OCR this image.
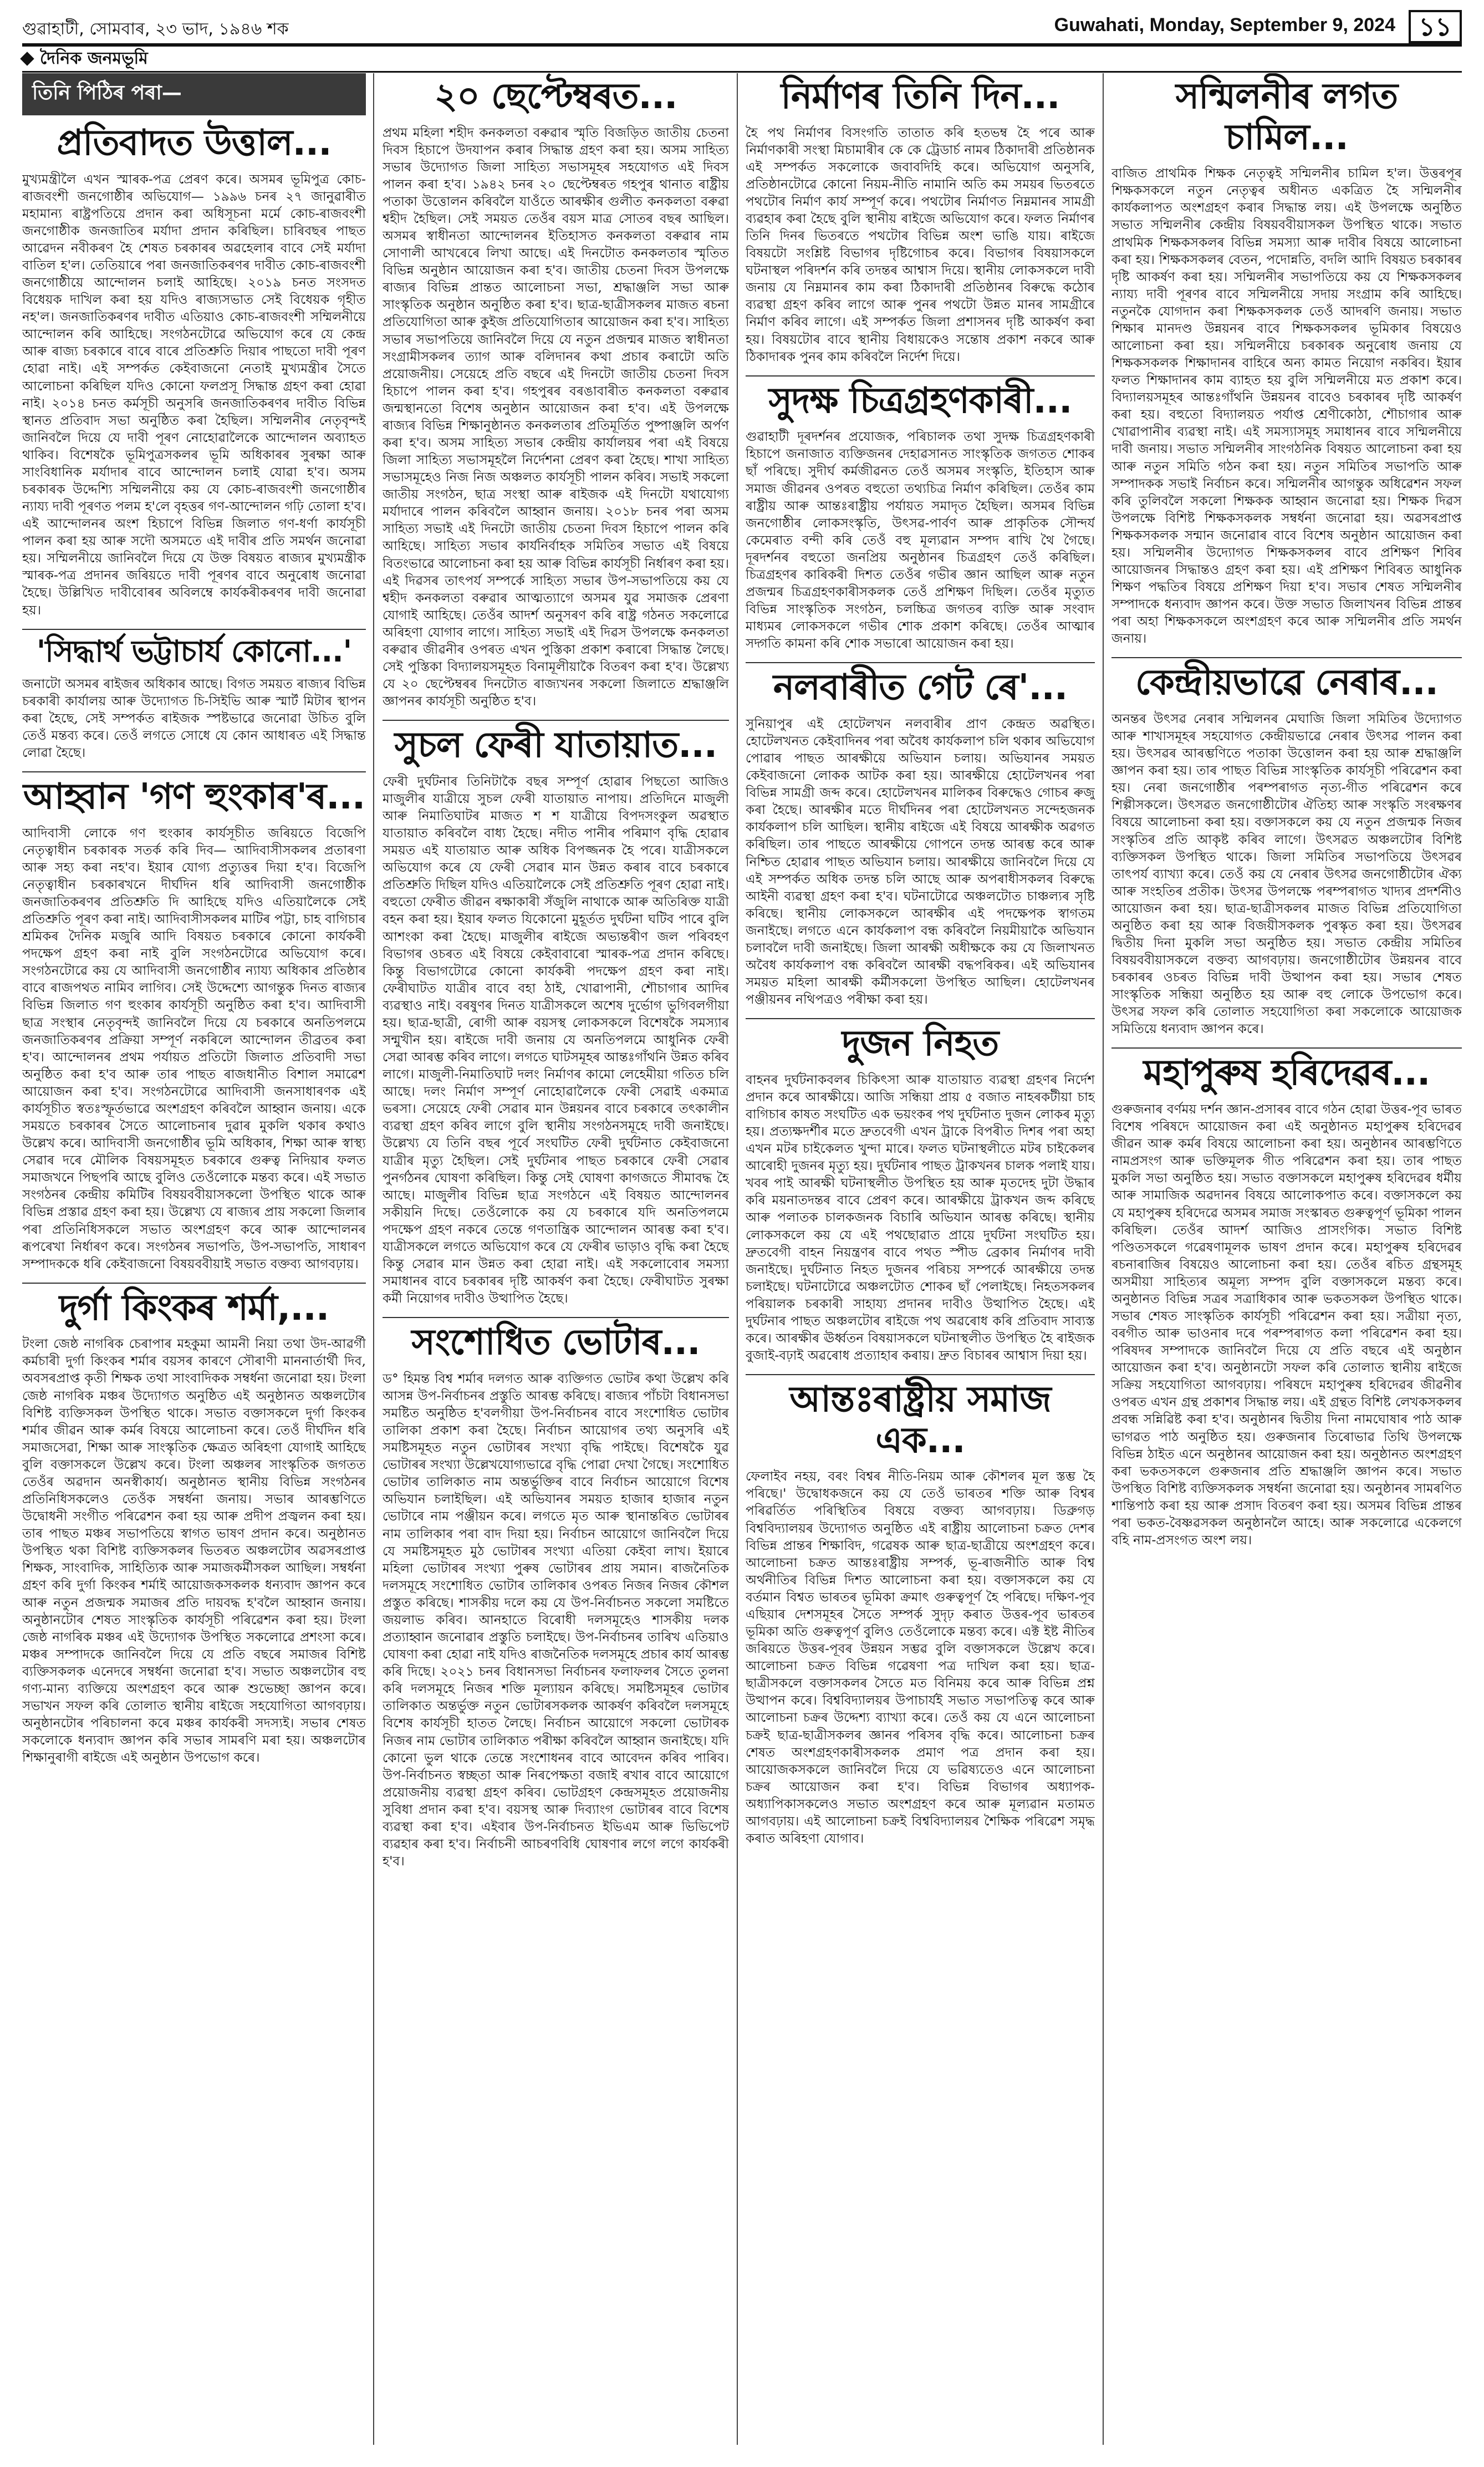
গুৱাহাটী, সোমবাৰ, ২৩ ভাদ, ১৯৪৬ শক	Guwahati, Monday, September 9, 2024 ১১
দৈনিক জনমভূমি
তিনি পিঠিৰ পৰা—
প্ৰতিবাদত উত্তাল...
মুখ্যমন্ত্ৰীলৈ এখন স্মাৰক-পত্ৰ প্ৰেৰণ কৰে। অসমৰ ভূমিপুত্ৰ কোচ-ৰাজবংশী জনগোষ্ঠীৰ অভিযোগ— ১৯৯৬ চনৰ ২৭ জানুৱাৰীত মহামান্য ৰাষ্ট্ৰপতিয়ে প্ৰদান কৰা অধিসূচনা মৰ্মে কোচ-ৰাজবংশী জনগোষ্ঠীক জনজাতিৰ মৰ্যাদা প্ৰদান কৰিছিল। চাৰিবছৰ পাছত আৱেদন নবীকৰণ হৈ শেষত চৰকাৰৰ অৱহেলাৰ বাবে সেই মৰ্যাদা বাতিল হ'ল। তেতিয়াৰে পৰা জনজাতিকৰণৰ দাবীত কোচ-ৰাজবংশী জনগোষ্ঠীয়ে আন্দোলন চলাই আহিছে। ২০১৯ চনত সংসদত বিধেয়ক দাখিল কৰা হয় যদিও ৰাজ্যসভাত সেই বিধেয়ক গৃহীত নহ'ল। জনজাতিকৰণৰ দাবীত এতিয়াও কোচ-ৰাজবংশী সম্মিলনীয়ে আন্দোলন কৰি আহিছে। সংগঠনটোৱে অভিযোগ কৰে যে কেন্দ্ৰ আৰু ৰাজ্য চৰকাৰে বাৰে বাৰে প্ৰতিশ্ৰুতি দিয়াৰ পাছতো দাবী পূৰণ হোৱা নাই। এই সম্পৰ্কত কেইবাজনো নেতাই মুখ্যমন্ত্ৰীৰ সৈতে আলোচনা কৰিছিল যদিও কোনো ফলপ্ৰসূ সিদ্ধান্ত গ্ৰহণ কৰা হোৱা নাই। ২০১৪ চনত কৰ্মসূচী অনুসৰি জনজাতিকৰণৰ দাবীত বিভিন্ন স্থানত প্ৰতিবাদ সভা অনুষ্ঠিত কৰা হৈছিল। সম্মিলনীৰ নেতৃবৃন্দই জানিবলৈ দিয়ে যে দাবী পূৰণ নোহোৱালৈকে আন্দোলন অব্যাহত থাকিব। বিশেষকৈ ভূমিপুত্ৰসকলৰ ভূমি অধিকাৰৰ সুৰক্ষা আৰু সাংবিধানিক মৰ্যাদাৰ বাবে আন্দোলন চলাই যোৱা হ'ব। অসম চৰকাৰক উদ্দেশ্যি সম্মিলনীয়ে কয় যে কোচ-ৰাজবংশী জনগোষ্ঠীৰ ন্যায্য দাবী পূৰণত পলম হ'লে বৃহত্তৰ গণ-আন্দোলন গঢ়ি তোলা হ'ব। এই আন্দোলনৰ অংশ হিচাপে বিভিন্ন জিলাত গণ-ধৰ্ণা কাৰ্যসূচী পালন কৰা হয় আৰু সদৌ অসমতে এই দাবীৰ প্ৰতি সমৰ্থন জনোৱা হয়। সম্মিলনীয়ে জানিবলৈ দিয়ে যে উক্ত বিষয়ত ৰাজ্যৰ মুখ্যমন্ত্ৰীক স্মাৰক-পত্ৰ প্ৰদানৰ জৰিয়তে দাবী পূৰণৰ বাবে অনুৰোধ জনোৱা হৈছে। উল্লিখিত দাবীবোৰৰ অবিলম্বে কাৰ্যকৰীকৰণৰ দাবী জনোৱা হয়।
'সিদ্ধাৰ্থ ভট্টাচাৰ্য কোনো...'
জনাটো অসমৰ ৰাইজৰ অধিকাৰ আছে। বিগত সময়ত ৰাজ্যৰ বিভিন্ন চৰকাৰী কাৰ্যালয় আৰু উদ্যোগত চি-সিইভি আৰু স্মাৰ্ট মিটাৰ স্থাপন কৰা হৈছে, সেই সম্পৰ্কত ৰাইজক স্পষ্টভাৱে জনোৱা উচিত বুলি তেওঁ মন্তব্য কৰে। তেওঁ লগতে সোধে যে কোন আধাৰত এই সিদ্ধান্ত লোৱা হৈছে।
আহ্বান 'গণ হুংকাৰ'ৰ...
আদিবাসী লোকে গণ হুংকাৰ কাৰ্যসূচীত জৰিয়তে বিজেপি নেতৃত্বাধীন চৰকাৰক সতৰ্ক কৰি দিব— আদিবাসীসকলৰ প্ৰতাৰণা আৰু সহ্য কৰা নহ'ব। ইয়াৰ যোগ্য প্ৰত্যুত্তৰ দিয়া হ'ব। বিজেপি নেতৃত্বাধীন চৰকাৰখনে দীৰ্ঘদিন ধৰি আদিবাসী জনগোষ্ঠীক জনজাতিকৰণৰ প্ৰতিশ্ৰুতি দি আহিছে যদিও এতিয়ালৈকে সেই প্ৰতিশ্ৰুতি পূৰণ কৰা নাই। আদিবাসীসকলৰ মাটিৰ পট্টা, চাহ বাগিচাৰ শ্ৰমিকৰ দৈনিক মজুৰি আদি বিষয়ত চৰকাৰে কোনো কাৰ্যকৰী পদক্ষেপ গ্ৰহণ কৰা নাই বুলি সংগঠনটোৱে অভিযোগ কৰে। সংগঠনটোৱে কয় যে আদিবাসী জনগোষ্ঠীৰ ন্যায্য অধিকাৰ প্ৰতিষ্ঠাৰ বাবে ৰাজপথত নামিব লাগিব। সেই উদ্দেশ্যে আগন্তুক দিনত ৰাজ্যৰ বিভিন্ন জিলাত গণ হুংকাৰ কাৰ্যসূচী অনুষ্ঠিত কৰা হ'ব। আদিবাসী ছাত্ৰ সংস্থাৰ নেতৃবৃন্দই জানিবলৈ দিয়ে যে চৰকাৰে অনতিপলমে জনজাতিকৰণৰ প্ৰক্ৰিয়া সম্পূৰ্ণ নকৰিলে আন্দোলন তীব্ৰতৰ কৰা হ'ব। আন্দোলনৰ প্ৰথম পৰ্যায়ত প্ৰতিটো জিলাত প্ৰতিবাদী সভা অনুষ্ঠিত কৰা হ'ব আৰু তাৰ পাছত ৰাজধানীত বিশাল সমাৱেশ আয়োজন কৰা হ'ব। সংগঠনটোৱে আদিবাসী জনসাধাৰণক এই কাৰ্যসূচীত স্বতঃস্ফূৰ্তভাৱে অংশগ্ৰহণ কৰিবলৈ আহ্বান জনায়। একে সময়তে চৰকাৰৰ সৈতে আলোচনাৰ দুৱাৰ মুকলি থকাৰ কথাও উল্লেখ কৰে। আদিবাসী জনগোষ্ঠীৰ ভূমি অধিকাৰ, শিক্ষা আৰু স্বাস্থ্য সেৱাৰ দৰে মৌলিক বিষয়সমূহত চৰকাৰে গুৰুত্ব নিদিয়াৰ ফলত সমাজখনে পিছপৰি আছে বুলিও তেওঁলোকে মন্তব্য কৰে। এই সভাত সংগঠনৰ কেন্দ্ৰীয় কমিটিৰ বিষয়ববীয়াসকলো উপস্থিত থাকে আৰু বিভিন্ন প্ৰস্তাৱ গ্ৰহণ কৰা হয়। উল্লেখ্য যে ৰাজ্যৰ প্ৰায় সকলো জিলাৰ পৰা প্ৰতিনিধিসকলে সভাত অংশগ্ৰহণ কৰে আৰু আন্দোলনৰ ৰূপৰেখা নিৰ্ধাৰণ কৰে। সংগঠনৰ সভাপতি, উপ-সভাপতি, সাধাৰণ সম্পাদককে ধৰি কেইবাজনো বিষয়ববীয়াই সভাত বক্তব্য আগবঢ়ায়।
দুৰ্গা কিংকৰ শৰ্মা,...
টংলা জেষ্ঠ নাগৰিক চেৰাপাৰ মহকুমা আমনী নিয়া তথা উদ-আৱৰ্গী কৰ্মচাৰী দুৰ্গা কিংকৰ শৰ্মাৰ বয়সৰ কাৰণে সৌৰাণী মাননাৰ্তাৰ্থী দিব, অবসৰপ্ৰাপ্ত কৃতী শিক্ষক তথা সাংবাদিকক সম্বৰ্ধনা জনোৱা হয়। টংলা জেষ্ঠ নাগৰিক মঞ্চৰ উদ্যোগত অনুষ্ঠিত এই অনুষ্ঠানত অঞ্চলটোৰ বিশিষ্ট ব্যক্তিসকল উপস্থিত থাকে। সভাত বক্তাসকলে দুৰ্গা কিংকৰ শৰ্মাৰ জীৱন আৰু কৰ্মৰ বিষয়ে আলোচনা কৰে। তেওঁ দীৰ্ঘদিন ধৰি সমাজসেৱা, শিক্ষা আৰু সাংস্কৃতিক ক্ষেত্ৰত অৰিহণা যোগাই আহিছে বুলি বক্তাসকলে উল্লেখ কৰে। টংলা অঞ্চলৰ সাংস্কৃতিক জগতত তেওঁৰ অৱদান অনস্বীকাৰ্য। অনুষ্ঠানত স্থানীয় বিভিন্ন সংগঠনৰ প্ৰতিনিধিসকলেও তেওঁক সম্বৰ্ধনা জনায়। সভাৰ আৰম্ভণিতে উদ্বোধনী সংগীত পৰিৱেশন কৰা হয় আৰু প্ৰদীপ প্ৰজ্বলন কৰা হয়। তাৰ পাছত মঞ্চৰ সভাপতিয়ে স্বাগত ভাষণ প্ৰদান কৰে। অনুষ্ঠানত উপস্থিত থকা বিশিষ্ট ব্যক্তিসকলৰ ভিতৰত অঞ্চলটোৰ অৱসৰপ্ৰাপ্ত শিক্ষক, সাংবাদিক, সাহিত্যিক আৰু সমাজকৰ্মীসকল আছিল। সম্বৰ্ধনা গ্ৰহণ কৰি দুৰ্গা কিংকৰ শৰ্মাই আয়োজকসকলক ধন্যবাদ জ্ঞাপন কৰে আৰু নতুন প্ৰজন্মক সমাজৰ প্ৰতি দায়বদ্ধ হ'বলৈ আহ্বান জনায়। অনুষ্ঠানটোৰ শেষত সাংস্কৃতিক কাৰ্যসূচী পৰিৱেশন কৰা হয়। টংলা জেষ্ঠ নাগৰিক মঞ্চৰ এই উদ্যোগক উপস্থিত সকলোৱে প্ৰশংসা কৰে। মঞ্চৰ সম্পাদকে জানিবলৈ দিয়ে যে প্ৰতি বছৰে সমাজৰ বিশিষ্ট ব্যক্তিসকলক এনেদৰে সম্বৰ্ধনা জনোৱা হ'ব। সভাত অঞ্চলটোৰ বহু গণ্য-মান্য ব্যক্তিয়ে অংশগ্ৰহণ কৰে আৰু শুভেচ্ছা জ্ঞাপন কৰে। সভাখন সফল কৰি তোলাত স্থানীয় ৰাইজে সহযোগিতা আগবঢ়ায়। অনুষ্ঠানটোৰ পৰিচালনা কৰে মঞ্চৰ কাৰ্যকৰী সদস্যই। সভাৰ শেষত সকলোকে ধন্যবাদ জ্ঞাপন কৰি সভাৰ সামৰণি মৰা হয়। অঞ্চলটোৰ শিক্ষানুৰাগী ৰাইজে এই অনুষ্ঠান উপভোগ কৰে।
২০ ছেপ্টেম্বৰত...
প্ৰথম মহিলা শহীদ কনকলতা বৰুৱাৰ স্মৃতি বিজড়িত জাতীয় চেতনা দিবস হিচাপে উদযাপন কৰাৰ সিদ্ধান্ত গ্ৰহণ কৰা হয়। অসম সাহিত্য সভাৰ উদ্যোগত জিলা সাহিত্য সভাসমূহৰ সহযোগত এই দিবস পালন কৰা হ'ব। ১৯৪২ চনৰ ২০ ছেপ্টেম্বৰত গহপুৰ থানাত ৰাষ্ট্ৰীয় পতাকা উত্তোলন কৰিবলৈ যাওঁতে আৰক্ষীৰ গুলীত কনকলতা বৰুৱা শ্বহীদ হৈছিল। সেই সময়ত তেওঁৰ বয়স মাত্ৰ সোতৰ বছৰ আছিল। অসমৰ স্বাধীনতা আন্দোলনৰ ইতিহাসত কনকলতা বৰুৱাৰ নাম সোণালী আখৰেৰে লিখা আছে। এই দিনটোত কনকলতাৰ স্মৃতিত বিভিন্ন অনুষ্ঠান আয়োজন কৰা হ'ব। জাতীয় চেতনা দিবস উপলক্ষে ৰাজ্যৰ বিভিন্ন প্ৰান্তত আলোচনা সভা, শ্ৰদ্ধাঞ্জলি সভা আৰু সাংস্কৃতিক অনুষ্ঠান অনুষ্ঠিত কৰা হ'ব। ছাত্ৰ-ছাত্ৰীসকলৰ মাজত ৰচনা প্ৰতিযোগিতা আৰু কুইজ প্ৰতিযোগিতাৰ আয়োজন কৰা হ'ব। সাহিত্য সভাৰ সভাপতিয়ে জানিবলৈ দিয়ে যে নতুন প্ৰজন্মৰ মাজত স্বাধীনতা সংগ্ৰামীসকলৰ ত্যাগ আৰু বলিদানৰ কথা প্ৰচাৰ কৰাটো অতি প্ৰয়োজনীয়। সেয়েহে প্ৰতি বছৰে এই দিনটো জাতীয় চেতনা দিবস হিচাপে পালন কৰা হ'ব। গহপুৰৰ বৰঙাবাৰীত কনকলতা বৰুৱাৰ জন্মস্থানতো বিশেষ অনুষ্ঠান আয়োজন কৰা হ'ব। এই উপলক্ষে ৰাজ্যৰ বিভিন্ন শিক্ষানুষ্ঠানত কনকলতাৰ প্ৰতিমূৰ্তিত পুষ্পাঞ্জলি অৰ্পণ কৰা হ'ব। অসম সাহিত্য সভাৰ কেন্দ্ৰীয় কাৰ্যালয়ৰ পৰা এই বিষয়ে জিলা সাহিত্য সভাসমূহলৈ নিৰ্দেশনা প্ৰেৰণ কৰা হৈছে। শাখা সাহিত্য সভাসমূহেও নিজ নিজ অঞ্চলত কাৰ্যসূচী পালন কৰিব। সভাই সকলো জাতীয় সংগঠন, ছাত্ৰ সংস্থা আৰু ৰাইজক এই দিনটো যথাযোগ্য মৰ্যাদাৰে পালন কৰিবলৈ আহ্বান জনায়। ২০১৮ চনৰ পৰা অসম সাহিত্য সভাই এই দিনটো জাতীয় চেতনা দিবস হিচাপে পালন কৰি আহিছে। সাহিত্য সভাৰ কাৰ্যনিৰ্বাহক সমিতিৰ সভাত এই বিষয়ে বিতংভাৱে আলোচনা কৰা হয় আৰু বিভিন্ন কাৰ্যসূচী নিৰ্ধাৰণ কৰা হয়। এই দিৱসৰ তাৎপৰ্য সম্পৰ্কে সাহিত্য সভাৰ উপ-সভাপতিয়ে কয় যে শ্বহীদ কনকলতা বৰুৱাৰ আত্মত্যাগে অসমৰ যুৱ সমাজক প্ৰেৰণা যোগাই আহিছে। তেওঁৰ আদৰ্শ অনুসৰণ কৰি ৰাষ্ট্ৰ গঠনত সকলোৱে অৰিহণা যোগাব লাগে। সাহিত্য সভাই এই দিৱস উপলক্ষে কনকলতা বৰুৱাৰ জীৱনীৰ ওপৰত এখন পুস্তিকা প্ৰকাশ কৰাৰো সিদ্ধান্ত লৈছে। সেই পুস্তিকা বিদ্যালয়সমূহত বিনামূলীয়াকৈ বিতৰণ কৰা হ'ব। উল্লেখ্য যে ২০ ছেপ্টেম্বৰৰ দিনটোত ৰাজ্যখনৰ সকলো জিলাতে শ্ৰদ্ধাঞ্জলি জ্ঞাপনৰ কাৰ্যসূচী অনুষ্ঠিত হ'ব।
সুচল ফেৰী যাতায়াত...
ফেৰী দুৰ্ঘটনাৰ তিনিটাকৈ বছৰ সম্পূৰ্ণ হোৱাৰ পিছতো আজিও মাজুলীৰ যাত্ৰীয়ে সুচল ফেৰী যাতায়াত নাপায়। প্ৰতিদিনে মাজুলী আৰু নিমাতিঘাটৰ মাজত শ শ যাত্ৰীয়ে বিপদসংকুল অৱস্থাত যাতায়াত কৰিবলৈ বাধ্য হৈছে। নদীত পানীৰ পৰিমাণ বৃদ্ধি হোৱাৰ সময়ত এই যাতায়াত আৰু অধিক বিপজ্জনক হৈ পৰে। যাত্ৰীসকলে অভিযোগ কৰে যে ফেৰী সেৱাৰ মান উন্নত কৰাৰ বাবে চৰকাৰে প্ৰতিশ্ৰুতি দিছিল যদিও এতিয়ালৈকে সেই প্ৰতিশ্ৰুতি পূৰণ হোৱা নাই। বহুতো ফেৰীত জীৱন ৰক্ষাকাৰী সঁজুলি নাথাকে আৰু অতিৰিক্ত যাত্ৰী বহন কৰা হয়। ইয়াৰ ফলত যিকোনো মুহূৰ্তত দুৰ্ঘটনা ঘটিব পাৰে বুলি আশংকা কৰা হৈছে। মাজুলীৰ ৰাইজে অভ্যন্তৰীণ জল পৰিবহণ বিভাগৰ ওচৰত এই বিষয়ে কেইবাবাৰো স্মাৰক-পত্ৰ প্ৰদান কৰিছে। কিন্তু বিভাগটোৱে কোনো কাৰ্যকৰী পদক্ষেপ গ্ৰহণ কৰা নাই। ফেৰীঘাটত যাত্ৰীৰ বাবে বহা ঠাই, খোৱাপানী, শৌচাগাৰ আদিৰ ব্যৱস্থাও নাই। বৰষুণৰ দিনত যাত্ৰীসকলে অশেষ দুৰ্ভোগ ভুগিবলগীয়া হয়। ছাত্ৰ-ছাত্ৰী, ৰোগী আৰু বয়সস্থ লোকসকলে বিশেষকৈ সমস্যাৰ সন্মুখীন হয়। ৰাইজে দাবী জনায় যে অনতিপলমে আধুনিক ফেৰী সেৱা আৰম্ভ কৰিব লাগে। লগতে ঘাটসমূহৰ আন্তঃগাঁথনি উন্নত কৰিব লাগে। মাজুলী-নিমাতিঘাট দলং নিৰ্মাণৰ কামো লেহেমীয়া গতিত চলি আছে। দলং নিৰ্মাণ সম্পূৰ্ণ নোহোৱালৈকে ফেৰী সেৱাই একমাত্ৰ ভৰসা। সেয়েহে ফেৰী সেৱাৰ মান উন্নয়নৰ বাবে চৰকাৰে তৎকালীন ব্যৱস্থা গ্ৰহণ কৰিব লাগে বুলি স্থানীয় সংগঠনসমূহে দাবী জনাইছে। উল্লেখ্য যে তিনি বছৰ পূৰ্বে সংঘটিত ফেৰী দুৰ্ঘটনাত কেইবাজনো যাত্ৰীৰ মৃত্যু হৈছিল। সেই দুৰ্ঘটনাৰ পাছত চৰকাৰে ফেৰী সেৱাৰ পুনৰ্গঠনৰ ঘোষণা কৰিছিল। কিন্তু সেই ঘোষণা কাগজতে সীমাবদ্ধ হৈ আছে। মাজুলীৰ বিভিন্ন ছাত্ৰ সংগঠনে এই বিষয়ত আন্দোলনৰ সকীয়নি দিছে। তেওঁলোকে কয় যে চৰকাৰে যদি অনতিপলমে পদক্ষেপ গ্ৰহণ নকৰে তেন্তে গণতান্ত্ৰিক আন্দোলন আৰম্ভ কৰা হ'ব। যাত্ৰীসকলে লগতে অভিযোগ কৰে যে ফেৰীৰ ভাড়াও বৃদ্ধি কৰা হৈছে কিন্তু সেৱাৰ মান উন্নত কৰা হোৱা নাই। এই সকলোবোৰ সমস্যা সমাধানৰ বাবে চৰকাৰৰ দৃষ্টি আকৰ্ষণ কৰা হৈছে। ফেৰীঘাটত সুৰক্ষা কৰ্মী নিয়োগৰ দাবীও উত্থাপিত হৈছে।
সংশোধিত ভোটাৰ...
ড° হিমন্ত বিশ্ব শৰ্মাৰ দলগত আৰু ব্যক্তিগত ভোটৰ কথা উল্লেখ কৰি আসন্ন উপ-নিৰ্বাচনৰ প্ৰস্তুতি আৰম্ভ কৰিছে। ৰাজ্যৰ পাঁচটা বিধানসভা সমষ্টিত অনুষ্ঠিত হ'বলগীয়া উপ-নিৰ্বাচনৰ বাবে সংশোধিত ভোটাৰ তালিকা প্ৰকাশ কৰা হৈছে। নিৰ্বাচন আয়োগৰ তথ্য অনুসৰি এই সমষ্টিসমূহত নতুন ভোটাৰৰ সংখ্যা বৃদ্ধি পাইছে। বিশেষকৈ যুৱ ভোটাৰৰ সংখ্যা উল্লেখযোগ্যভাৱে বৃদ্ধি পোৱা দেখা গৈছে। সংশোধিত ভোটাৰ তালিকাত নাম অন্তৰ্ভুক্তিৰ বাবে নিৰ্বাচন আয়োগে বিশেষ অভিযান চলাইছিল। এই অভিযানৰ সময়ত হাজাৰ হাজাৰ নতুন ভোটাৰে নাম পঞ্জীয়ন কৰে। লগতে মৃত আৰু স্থানান্তৰিত ভোটাৰৰ নাম তালিকাৰ পৰা বাদ দিয়া হয়। নিৰ্বাচন আয়োগে জানিবলৈ দিয়ে যে সমষ্টিসমূহত মুঠ ভোটাৰৰ সংখ্যা এতিয়া কেইবা লাখ। ইয়াৰে মহিলা ভোটাৰৰ সংখ্যা পুৰুষ ভোটাৰৰ প্ৰায় সমান। ৰাজনৈতিক দলসমূহে সংশোধিত ভোটাৰ তালিকাৰ ওপৰত নিজৰ নিজৰ কৌশল প্ৰস্তুত কৰিছে। শাসকীয় দলে কয় যে উপ-নিৰ্বাচনত সকলো সমষ্টিতে জয়লাভ কৰিব। আনহাতে বিৰোধী দলসমূহেও শাসকীয় দলক প্ৰত্যাহ্বান জনোৱাৰ প্ৰস্তুতি চলাইছে। উপ-নিৰ্বাচনৰ তাৰিখ এতিয়াও ঘোষণা কৰা হোৱা নাই যদিও ৰাজনৈতিক দলসমূহে প্ৰচাৰ কাৰ্য আৰম্ভ কৰি দিছে। ২০২১ চনৰ বিধানসভা নিৰ্বাচনৰ ফলাফলৰ সৈতে তুলনা কৰি দলসমূহে নিজৰ শক্তি মূল্যায়ন কৰিছে। সমষ্টিসমূহৰ ভোটাৰ তালিকাত অন্তৰ্ভুক্ত নতুন ভোটাৰসকলক আকৰ্ষণ কৰিবলৈ দলসমূহে বিশেষ কাৰ্যসূচী হাতত লৈছে। নিৰ্বাচন আয়োগে সকলো ভোটাৰক নিজৰ নাম ভোটাৰ তালিকাত পৰীক্ষা কৰিবলৈ আহ্বান জনাইছে। যদি কোনো ভুল থাকে তেন্তে সংশোধনৰ বাবে আবেদন কৰিব পাৰিব। উপ-নিৰ্বাচনত স্বচ্ছতা আৰু নিৰপেক্ষতা বজাই ৰখাৰ বাবে আয়োগে প্ৰয়োজনীয় ব্যৱস্থা গ্ৰহণ কৰিব। ভোটগ্ৰহণ কেন্দ্ৰসমূহত প্ৰয়োজনীয় সুবিধা প্ৰদান কৰা হ'ব। বয়সস্থ আৰু দিব্যাংগ ভোটাৰৰ বাবে বিশেষ ব্যৱস্থা কৰা হ'ব। এইবাৰ উপ-নিৰ্বাচনত ইভিএম আৰু ভিভিপেট ব্যৱহাৰ কৰা হ'ব। নিৰ্বাচনী আচৰণবিধি ঘোষণাৰ লগে লগে কাৰ্যকৰী হ'ব।
নিৰ্মাণৰ তিনি দিন...
হৈ পথ নিৰ্মাণৰ বিসংগতি তাতাত কৰি হতভম্ব হৈ পৰে আৰু নিৰ্মাণকাৰী সংস্থা মিচামাৰীৰ কে কে ট্ৰেডাৰ্চ নামৰ ঠিকাদাৰী প্ৰতিষ্ঠানক এই সম্পৰ্কত সকলোকে জবাবদিহি কৰে। অভিযোগ অনুসৰি, প্ৰতিষ্ঠানটোৱে কোনো নিয়ম-নীতি নামানি অতি কম সময়ৰ ভিতৰতে পথটোৰ নিৰ্মাণ কাৰ্য সম্পূৰ্ণ কৰে। পথটোৰ নিৰ্মাণত নিম্নমানৰ সামগ্ৰী ব্যৱহাৰ কৰা হৈছে বুলি স্থানীয় ৰাইজে অভিযোগ কৰে। ফলত নিৰ্মাণৰ তিনি দিনৰ ভিতৰতে পথটোৰ বিভিন্ন অংশ ভাঙি যায়। ৰাইজে বিষয়টো সংশ্লিষ্ট বিভাগৰ দৃষ্টিগোচৰ কৰে। বিভাগৰ বিষয়াসকলে ঘটনাস্থল পৰিদৰ্শন কৰি তদন্তৰ আশ্বাস দিয়ে। স্থানীয় লোকসকলে দাবী জনায় যে নিম্নমানৰ কাম কৰা ঠিকাদাৰী প্ৰতিষ্ঠানৰ বিৰুদ্ধে কঠোৰ ব্যৱস্থা গ্ৰহণ কৰিব লাগে আৰু পুনৰ পথটো উন্নত মানৰ সামগ্ৰীৰে নিৰ্মাণ কৰিব লাগে। এই সম্পৰ্কত জিলা প্ৰশাসনৰ দৃষ্টি আকৰ্ষণ কৰা হয়। বিষয়টোৰ বাবে স্থানীয় বিধায়কেও সন্তোষ প্ৰকাশ নকৰে আৰু ঠিকাদাৰক পুনৰ কাম কৰিবলৈ নিৰ্দেশ দিয়ে।
সুদক্ষ চিত্ৰগ্ৰহণকাৰী...
গুৱাহাটী দূৰদৰ্শনৰ প্ৰযোজক, পৰিচালক তথা সুদক্ষ চিত্ৰগ্ৰহণকাৰী হিচাপে জনাজাত ব্যক্তিজনৰ দেহাৱসানত সাংস্কৃতিক জগতত শোকৰ ছাঁ পৰিছে। সুদীৰ্ঘ কৰ্মজীৱনত তেওঁ অসমৰ সংস্কৃতি, ইতিহাস আৰু সমাজ জীৱনৰ ওপৰত বহুতো তথ্যচিত্ৰ নিৰ্মাণ কৰিছিল। তেওঁৰ কাম ৰাষ্ট্ৰীয় আৰু আন্তঃৰাষ্ট্ৰীয় পৰ্যায়ত সমাদৃত হৈছিল। অসমৰ বিভিন্ন জনগোষ্ঠীৰ লোকসংস্কৃতি, উৎসৱ-পাৰ্বণ আৰু প্ৰাকৃতিক সৌন্দৰ্য কেমেৰাত বন্দী কৰি তেওঁ বহু মূল্যৱান সম্পদ ৰাখি থৈ গৈছে। দূৰদৰ্শনৰ বহুতো জনপ্ৰিয় অনুষ্ঠানৰ চিত্ৰগ্ৰহণ তেওঁ কৰিছিল। চিত্ৰগ্ৰহণৰ কাৰিকৰী দিশত তেওঁৰ গভীৰ জ্ঞান আছিল আৰু নতুন প্ৰজন্মৰ চিত্ৰগ্ৰহণকাৰীসকলক তেওঁ প্ৰশিক্ষণ দিছিল। তেওঁৰ মৃত্যুত বিভিন্ন সাংস্কৃতিক সংগঠন, চলচ্চিত্ৰ জগতৰ ব্যক্তি আৰু সংবাদ মাধ্যমৰ লোকসকলে গভীৰ শোক প্ৰকাশ কৰিছে। তেওঁৰ আত্মাৰ সদ্গতি কামনা কৰি শোক সভাৰো আয়োজন কৰা হয়।
নলবাৰীত গেট ৰে'...
সুনিয়াপুৰ এই হোটেলখন নলবাৰীৰ প্ৰাণ কেন্দ্ৰত অৱস্থিত। হোটেলখনত কেইবাদিনৰ পৰা অবৈধ কাৰ্যকলাপ চলি থকাৰ অভিযোগ পোৱাৰ পাছত আৰক্ষীয়ে অভিযান চলায়। অভিযানৰ সময়ত কেইবাজনো লোকক আটক কৰা হয়। আৰক্ষীয়ে হোটেলখনৰ পৰা বিভিন্ন সামগ্ৰী জব্দ কৰে। হোটেলখনৰ মালিকৰ বিৰুদ্ধেও গোচৰ ৰুজু কৰা হৈছে। আৰক্ষীৰ মতে দীৰ্ঘদিনৰ পৰা হোটেলখনত সন্দেহজনক কাৰ্যকলাপ চলি আছিল। স্থানীয় ৰাইজে এই বিষয়ে আৰক্ষীক অৱগত কৰিছিল। তাৰ পাছতে আৰক্ষীয়ে গোপনে তদন্ত আৰম্ভ কৰে আৰু নিশ্চিত হোৱাৰ পাছত অভিযান চলায়। আৰক্ষীয়ে জানিবলৈ দিয়ে যে এই সম্পৰ্কত অধিক তদন্ত চলি আছে আৰু অপৰাধীসকলৰ বিৰুদ্ধে আইনী ব্যৱস্থা গ্ৰহণ কৰা হ'ব। ঘটনাটোৱে অঞ্চলটোত চাঞ্চল্যৰ সৃষ্টি কৰিছে। স্থানীয় লোকসকলে আৰক্ষীৰ এই পদক্ষেপক স্বাগতম জনাইছে। লগতে এনে কাৰ্যকলাপ বন্ধ কৰিবলৈ নিয়মীয়াকৈ অভিযান চলাবলৈ দাবী জনাইছে। জিলা আৰক্ষী অধীক্ষকে কয় যে জিলাখনত অবৈধ কাৰ্যকলাপ বন্ধ কৰিবলৈ আৰক্ষী বদ্ধপৰিকৰ। এই অভিযানৰ সময়ত মহিলা আৰক্ষী কৰ্মীসকলো উপস্থিত আছিল। হোটেলখনৰ পঞ্জীয়নৰ নথিপত্ৰও পৰীক্ষা কৰা হয়।
দুজন নিহত
বাহনৰ দুৰ্ঘটনাকবলৰ চিকিৎসা আৰু যাতায়াত ব্যৱস্থা গ্ৰহণৰ নিৰ্দেশ প্ৰদান কৰে আৰক্ষীয়ে। আজি সন্ধিয়া প্ৰায় ৫ বজাত নাহৰকটীয়া চাহ বাগিচাৰ কাষত সংঘটিত এক ভয়ংকৰ পথ দুৰ্ঘটনাত দুজন লোকৰ মৃত্যু হয়। প্ৰত্যক্ষদৰ্শীৰ মতে দ্ৰুতবেগী এখন ট্ৰাকে বিপৰীত দিশৰ পৰা অহা এখন মটৰ চাইকেলত খুন্দা মাৰে। ফলত ঘটনাস্থলীতে মটৰ চাইকেলৰ আৰোহী দুজনৰ মৃত্যু হয়। দুৰ্ঘটনাৰ পাছত ট্ৰাকখনৰ চালক পলাই যায়। খবৰ পাই আৰক্ষী ঘটনাস্থলীত উপস্থিত হয় আৰু মৃতদেহ দুটা উদ্ধাৰ কৰি ময়নাতদন্তৰ বাবে প্ৰেৰণ কৰে। আৰক্ষীয়ে ট্ৰাকখন জব্দ কৰিছে আৰু পলাতক চালকজনক বিচাৰি অভিযান আৰম্ভ কৰিছে। স্থানীয় লোকসকলে কয় যে এই পথছোৱাত প্ৰায়ে দুৰ্ঘটনা সংঘটিত হয়। দ্ৰুতবেগী বাহন নিয়ন্ত্ৰণৰ বাবে পথত স্পীড ব্ৰেকাৰ নিৰ্মাণৰ দাবী জনাইছে। দুৰ্ঘটনাত নিহত দুজনৰ পৰিচয় সম্পৰ্কে আৰক্ষীয়ে তদন্ত চলাইছে। ঘটনাটোৱে অঞ্চলটোত শোকৰ ছাঁ পেলাইছে। নিহতসকলৰ পৰিয়ালক চৰকাৰী সাহায্য প্ৰদানৰ দাবীও উত্থাপিত হৈছে। এই দুৰ্ঘটনাৰ পাছত অঞ্চলটোৰ ৰাইজে পথ অৱৰোধ কৰি প্ৰতিবাদ সাব্যস্ত কৰে। আৰক্ষীৰ ঊৰ্ধ্বতন বিষয়াসকলে ঘটনাস্থলীত উপস্থিত হৈ ৰাইজক বুজাই-বঢ়াই অৱৰোধ প্ৰত্যাহাৰ কৰায়। দ্ৰুত বিচাৰৰ আশ্বাস দিয়া হয়।
আন্তঃৰাষ্ট্ৰীয় সমাজ এক...
ফেলাইব নহয়, বৰং বিশ্বৰ নীতি-নিয়ম আৰু কৌশলৰ মূল স্তম্ভ হৈ পৰিছে।' উদ্বোধকজনে কয় যে তেওঁ ভাৰতৰ শক্তি আৰু বিশ্বৰ পৰিৱৰ্তিত পৰিস্থিতিৰ বিষয়ে বক্তব্য আগবঢ়ায়। ডিব্ৰুগড় বিশ্ববিদ্যালয়ৰ উদ্যোগত অনুষ্ঠিত এই ৰাষ্ট্ৰীয় আলোচনা চক্ৰত দেশৰ বিভিন্ন প্ৰান্তৰ শিক্ষাবিদ, গৱেষক আৰু ছাত্ৰ-ছাত্ৰীয়ে অংশগ্ৰহণ কৰে। আলোচনা চক্ৰত আন্তঃৰাষ্ট্ৰীয় সম্পৰ্ক, ভূ-ৰাজনীতি আৰু বিশ্ব অৰ্থনীতিৰ বিভিন্ন দিশত আলোচনা কৰা হয়। বক্তাসকলে কয় যে বৰ্তমান বিশ্বত ভাৰতৰ ভূমিকা ক্ৰমাৎ গুৰুত্বপূৰ্ণ হৈ পৰিছে। দক্ষিণ-পূব এছিয়াৰ দেশসমূহৰ সৈতে সম্পৰ্ক সুদৃঢ় কৰাত উত্তৰ-পূব ভাৰতৰ ভূমিকা অতি গুৰুত্বপূৰ্ণ বুলিও তেওঁলোকে মন্তব্য কৰে। এক্ট ইষ্ট নীতিৰ জৰিয়তে উত্তৰ-পূবৰ উন্নয়ন সম্ভৱ বুলি বক্তাসকলে উল্লেখ কৰে। আলোচনা চক্ৰত বিভিন্ন গৱেষণা পত্ৰ দাখিল কৰা হয়। ছাত্ৰ-ছাত্ৰীসকলে বক্তাসকলৰ সৈতে মত বিনিময় কৰে আৰু বিভিন্ন প্ৰশ্ন উত্থাপন কৰে। বিশ্ববিদ্যালয়ৰ উপাচাৰ্যই সভাত সভাপতিত্ব কৰে আৰু আলোচনা চক্ৰৰ উদ্দেশ্য ব্যাখ্যা কৰে। তেওঁ কয় যে এনে আলোচনা চক্ৰই ছাত্ৰ-ছাত্ৰীসকলৰ জ্ঞানৰ পৰিসৰ বৃদ্ধি কৰে। আলোচনা চক্ৰৰ শেষত অংশগ্ৰহণকাৰীসকলক প্ৰমাণ পত্ৰ প্ৰদান কৰা হয়। আয়োজকসকলে জানিবলৈ দিয়ে যে ভৱিষ্যতেও এনে আলোচনা চক্ৰৰ আয়োজন কৰা হ'ব। বিভিন্ন বিভাগৰ অধ্যাপক-অধ্যাপিকাসকলেও সভাত অংশগ্ৰহণ কৰে আৰু মূল্যৱান মতামত আগবঢ়ায়। এই আলোচনা চক্ৰই বিশ্ববিদ্যালয়ৰ শৈক্ষিক পৰিৱেশ সমৃদ্ধ কৰাত অৰিহণা যোগাব।
সন্মিলনীৰ লগত চামিল...
বাজিত প্ৰাথমিক শিক্ষক নেতৃত্বই সন্মিলনীৰ চামিল হ'ল। উত্তৰপূৰ শিক্ষকসকলে নতুন নেতৃত্বৰ অধীনত একত্ৰিত হৈ সন্মিলনীৰ কাৰ্যকলাপত অংশগ্ৰহণ কৰাৰ সিদ্ধান্ত লয়। এই উপলক্ষে অনুষ্ঠিত সভাত সন্মিলনীৰ কেন্দ্ৰীয় বিষয়ববীয়াসকল উপস্থিত থাকে। সভাত প্ৰাথমিক শিক্ষকসকলৰ বিভিন্ন সমস্যা আৰু দাবীৰ বিষয়ে আলোচনা কৰা হয়। শিক্ষকসকলৰ বেতন, পদোন্নতি, বদলি আদি বিষয়ত চৰকাৰৰ দৃষ্টি আকৰ্ষণ কৰা হয়। সন্মিলনীৰ সভাপতিয়ে কয় যে শিক্ষকসকলৰ ন্যায্য দাবী পূৰণৰ বাবে সন্মিলনীয়ে সদায় সংগ্ৰাম কৰি আহিছে। নতুনকৈ যোগদান কৰা শিক্ষকসকলক তেওঁ আদৰণি জনায়। সভাত শিক্ষাৰ মানদণ্ড উন্নয়নৰ বাবে শিক্ষকসকলৰ ভূমিকাৰ বিষয়েও আলোচনা কৰা হয়। সন্মিলনীয়ে চৰকাৰক অনুৰোধ জনায় যে শিক্ষকসকলক শিক্ষাদানৰ বাহিৰে অন্য কামত নিয়োগ নকৰিব। ইয়াৰ ফলত শিক্ষাদানৰ কাম ব্যাহত হয় বুলি সন্মিলনীয়ে মত প্ৰকাশ কৰে। বিদ্যালয়সমূহৰ আন্তঃগাঁথনি উন্নয়নৰ বাবেও চৰকাৰৰ দৃষ্টি আকৰ্ষণ কৰা হয়। বহুতো বিদ্যালয়ত পৰ্যাপ্ত শ্ৰেণীকোঠা, শৌচাগাৰ আৰু খোৱাপানীৰ ব্যৱস্থা নাই। এই সমস্যাসমূহ সমাধানৰ বাবে সন্মিলনীয়ে দাবী জনায়। সভাত সন্মিলনীৰ সাংগঠনিক বিষয়ত আলোচনা কৰা হয় আৰু নতুন সমিতি গঠন কৰা হয়। নতুন সমিতিৰ সভাপতি আৰু সম্পাদকক সভাই নিৰ্বাচন কৰে। সন্মিলনীৰ আগন্তুক অধিৱেশন সফল কৰি তুলিবলৈ সকলো শিক্ষকক আহ্বান জনোৱা হয়। শিক্ষক দিৱস উপলক্ষে বিশিষ্ট শিক্ষকসকলক সম্বৰ্ধনা জনোৱা হয়। অৱসৰপ্ৰাপ্ত শিক্ষকসকলক সন্মান জনোৱাৰ বাবে বিশেষ অনুষ্ঠান আয়োজন কৰা হয়। সন্মিলনীৰ উদ্যোগত শিক্ষকসকলৰ বাবে প্ৰশিক্ষণ শিবিৰ আয়োজনৰ সিদ্ধান্তও গ্ৰহণ কৰা হয়। এই প্ৰশিক্ষণ শিবিৰত আধুনিক শিক্ষণ পদ্ধতিৰ বিষয়ে প্ৰশিক্ষণ দিয়া হ'ব। সভাৰ শেষত সন্মিলনীৰ সম্পাদকে ধন্যবাদ জ্ঞাপন কৰে। উক্ত সভাত জিলাখনৰ বিভিন্ন প্ৰান্তৰ পৰা অহা শিক্ষকসকলে অংশগ্ৰহণ কৰে আৰু সন্মিলনীৰ প্ৰতি সমৰ্থন জনায়।
কেন্দ্ৰীয়ভাৱে নেৰাৰ...
অনন্তৰ উৎসৱ নেৰাৰ সন্মিলনৰ মেঘাজি জিলা সমিতিৰ উদ্যোগত আৰু শাখাসমূহৰ সহযোগত কেন্দ্ৰীয়ভাৱে নেৰাৰ উৎসৱ পালন কৰা হয়। উৎসৱৰ আৰম্ভণিতে পতাকা উত্তোলন কৰা হয় আৰু শ্ৰদ্ধাঞ্জলি জ্ঞাপন কৰা হয়। তাৰ পাছত বিভিন্ন সাংস্কৃতিক কাৰ্যসূচী পৰিৱেশন কৰা হয়। নেৰা জনগোষ্ঠীৰ পৰম্পৰাগত নৃত্য-গীত পৰিৱেশন কৰে শিল্পীসকলে। উৎসৱত জনগোষ্ঠীটোৰ ঐতিহ্য আৰু সংস্কৃতি সংৰক্ষণৰ বিষয়ে আলোচনা কৰা হয়। বক্তাসকলে কয় যে নতুন প্ৰজন্মক নিজৰ সংস্কৃতিৰ প্ৰতি আকৃষ্ট কৰিব লাগে। উৎসৱত অঞ্চলটোৰ বিশিষ্ট ব্যক্তিসকল উপস্থিত থাকে। জিলা সমিতিৰ সভাপতিয়ে উৎসৱৰ তাৎপৰ্য ব্যাখ্যা কৰে। তেওঁ কয় যে নেৰাৰ উৎসৱ জনগোষ্ঠীটোৰ ঐক্য আৰু সংহতিৰ প্ৰতীক। উৎসৱ উপলক্ষে পৰম্পৰাগত খাদ্যৰ প্ৰদৰ্শনীও আয়োজন কৰা হয়। ছাত্ৰ-ছাত্ৰীসকলৰ মাজত বিভিন্ন প্ৰতিযোগিতা অনুষ্ঠিত কৰা হয় আৰু বিজয়ীসকলক পুৰস্কৃত কৰা হয়। উৎসৱৰ দ্বিতীয় দিনা মুকলি সভা অনুষ্ঠিত হয়। সভাত কেন্দ্ৰীয় সমিতিৰ বিষয়ববীয়াসকলে বক্তব্য আগবঢ়ায়। জনগোষ্ঠীটোৰ উন্নয়নৰ বাবে চৰকাৰৰ ওচৰত বিভিন্ন দাবী উত্থাপন কৰা হয়। সভাৰ শেষত সাংস্কৃতিক সন্ধিয়া অনুষ্ঠিত হয় আৰু বহু লোকে উপভোগ কৰে। উৎসৱ সফল কৰি তোলাত সহযোগিতা কৰা সকলোকে আয়োজক সমিতিয়ে ধন্যবাদ জ্ঞাপন কৰে।
মহাপুৰুষ হৰিদেৱৰ...
গুৰুজনাৰ বৰ্ণময় দৰ্শন জ্ঞান-প্ৰসাৰৰ বাবে গঠন হোৱা উত্তৰ-পূব ভাৰত বিশেষ পৰিষদে আয়োজন কৰা এই অনুষ্ঠানত মহাপুৰুষ হৰিদেৱৰ জীৱন আৰু কৰ্মৰ বিষয়ে আলোচনা কৰা হয়। অনুষ্ঠানৰ আৰম্ভণিতে নামপ্ৰসংগ আৰু ভক্তিমূলক গীত পৰিৱেশন কৰা হয়। তাৰ পাছত মুকলি সভা অনুষ্ঠিত হয়। সভাত বক্তাসকলে মহাপুৰুষ হৰিদেৱৰ ধৰ্মীয় আৰু সামাজিক অৱদানৰ বিষয়ে আলোকপাত কৰে। বক্তাসকলে কয় যে মহাপুৰুষ হৰিদেৱে অসমৰ সমাজ সংস্কাৰত গুৰুত্বপূৰ্ণ ভূমিকা পালন কৰিছিল। তেওঁৰ আদৰ্শ আজিও প্ৰাসংগিক। সভাত বিশিষ্ট পণ্ডিতসকলে গৱেষণামূলক ভাষণ প্ৰদান কৰে। মহাপুৰুষ হৰিদেৱৰ ৰচনাৰাজিৰ বিষয়েও আলোচনা কৰা হয়। তেওঁৰ ৰচিত গ্ৰন্থসমূহ অসমীয়া সাহিত্যৰ অমূল্য সম্পদ বুলি বক্তাসকলে মন্তব্য কৰে। অনুষ্ঠানত বিভিন্ন সত্ৰৰ সত্ৰাধিকাৰ আৰু ভকতসকল উপস্থিত থাকে। সভাৰ শেষত সাংস্কৃতিক কাৰ্যসূচী পৰিৱেশন কৰা হয়। সত্ৰীয়া নৃত্য, বৰগীত আৰু ভাওনাৰ দৰে পৰম্পৰাগত কলা পৰিৱেশন কৰা হয়। পৰিষদৰ সম্পাদকে জানিবলৈ দিয়ে যে প্ৰতি বছৰে এই অনুষ্ঠান আয়োজন কৰা হ'ব। অনুষ্ঠানটো সফল কৰি তোলাত স্থানীয় ৰাইজে সক্ৰিয় সহযোগিতা আগবঢ়ায়। পৰিষদে মহাপুৰুষ হৰিদেৱৰ জীৱনীৰ ওপৰত এখন গ্ৰন্থ প্ৰকাশৰ সিদ্ধান্ত লয়। এই গ্ৰন্থত বিশিষ্ট লেখকসকলৰ প্ৰবন্ধ সন্নিৱিষ্ট কৰা হ'ব। অনুষ্ঠানৰ দ্বিতীয় দিনা নামঘোষাৰ পাঠ আৰু ভাগৱত পাঠ অনুষ্ঠিত হয়। গুৰুজনাৰ তিৰোভাৱ তিথি উপলক্ষে বিভিন্ন ঠাইত এনে অনুষ্ঠানৰ আয়োজন কৰা হয়। অনুষ্ঠানত অংশগ্ৰহণ কৰা ভকতসকলে গুৰুজনাৰ প্ৰতি শ্ৰদ্ধাঞ্জলি জ্ঞাপন কৰে। সভাত উপস্থিত বিশিষ্ট ব্যক্তিসকলক সম্বৰ্ধনা জনোৱা হয়। অনুষ্ঠানৰ সামৰণিত শান্তিপাঠ কৰা হয় আৰু প্ৰসাদ বিতৰণ কৰা হয়। অসমৰ বিভিন্ন প্ৰান্তৰ পৰা ভকত-বৈষ্ণৱসকল অনুষ্ঠানলৈ আহে। আৰু সকলোৱে একেলগে বহি নাম-প্ৰসংগত অংশ লয়।
